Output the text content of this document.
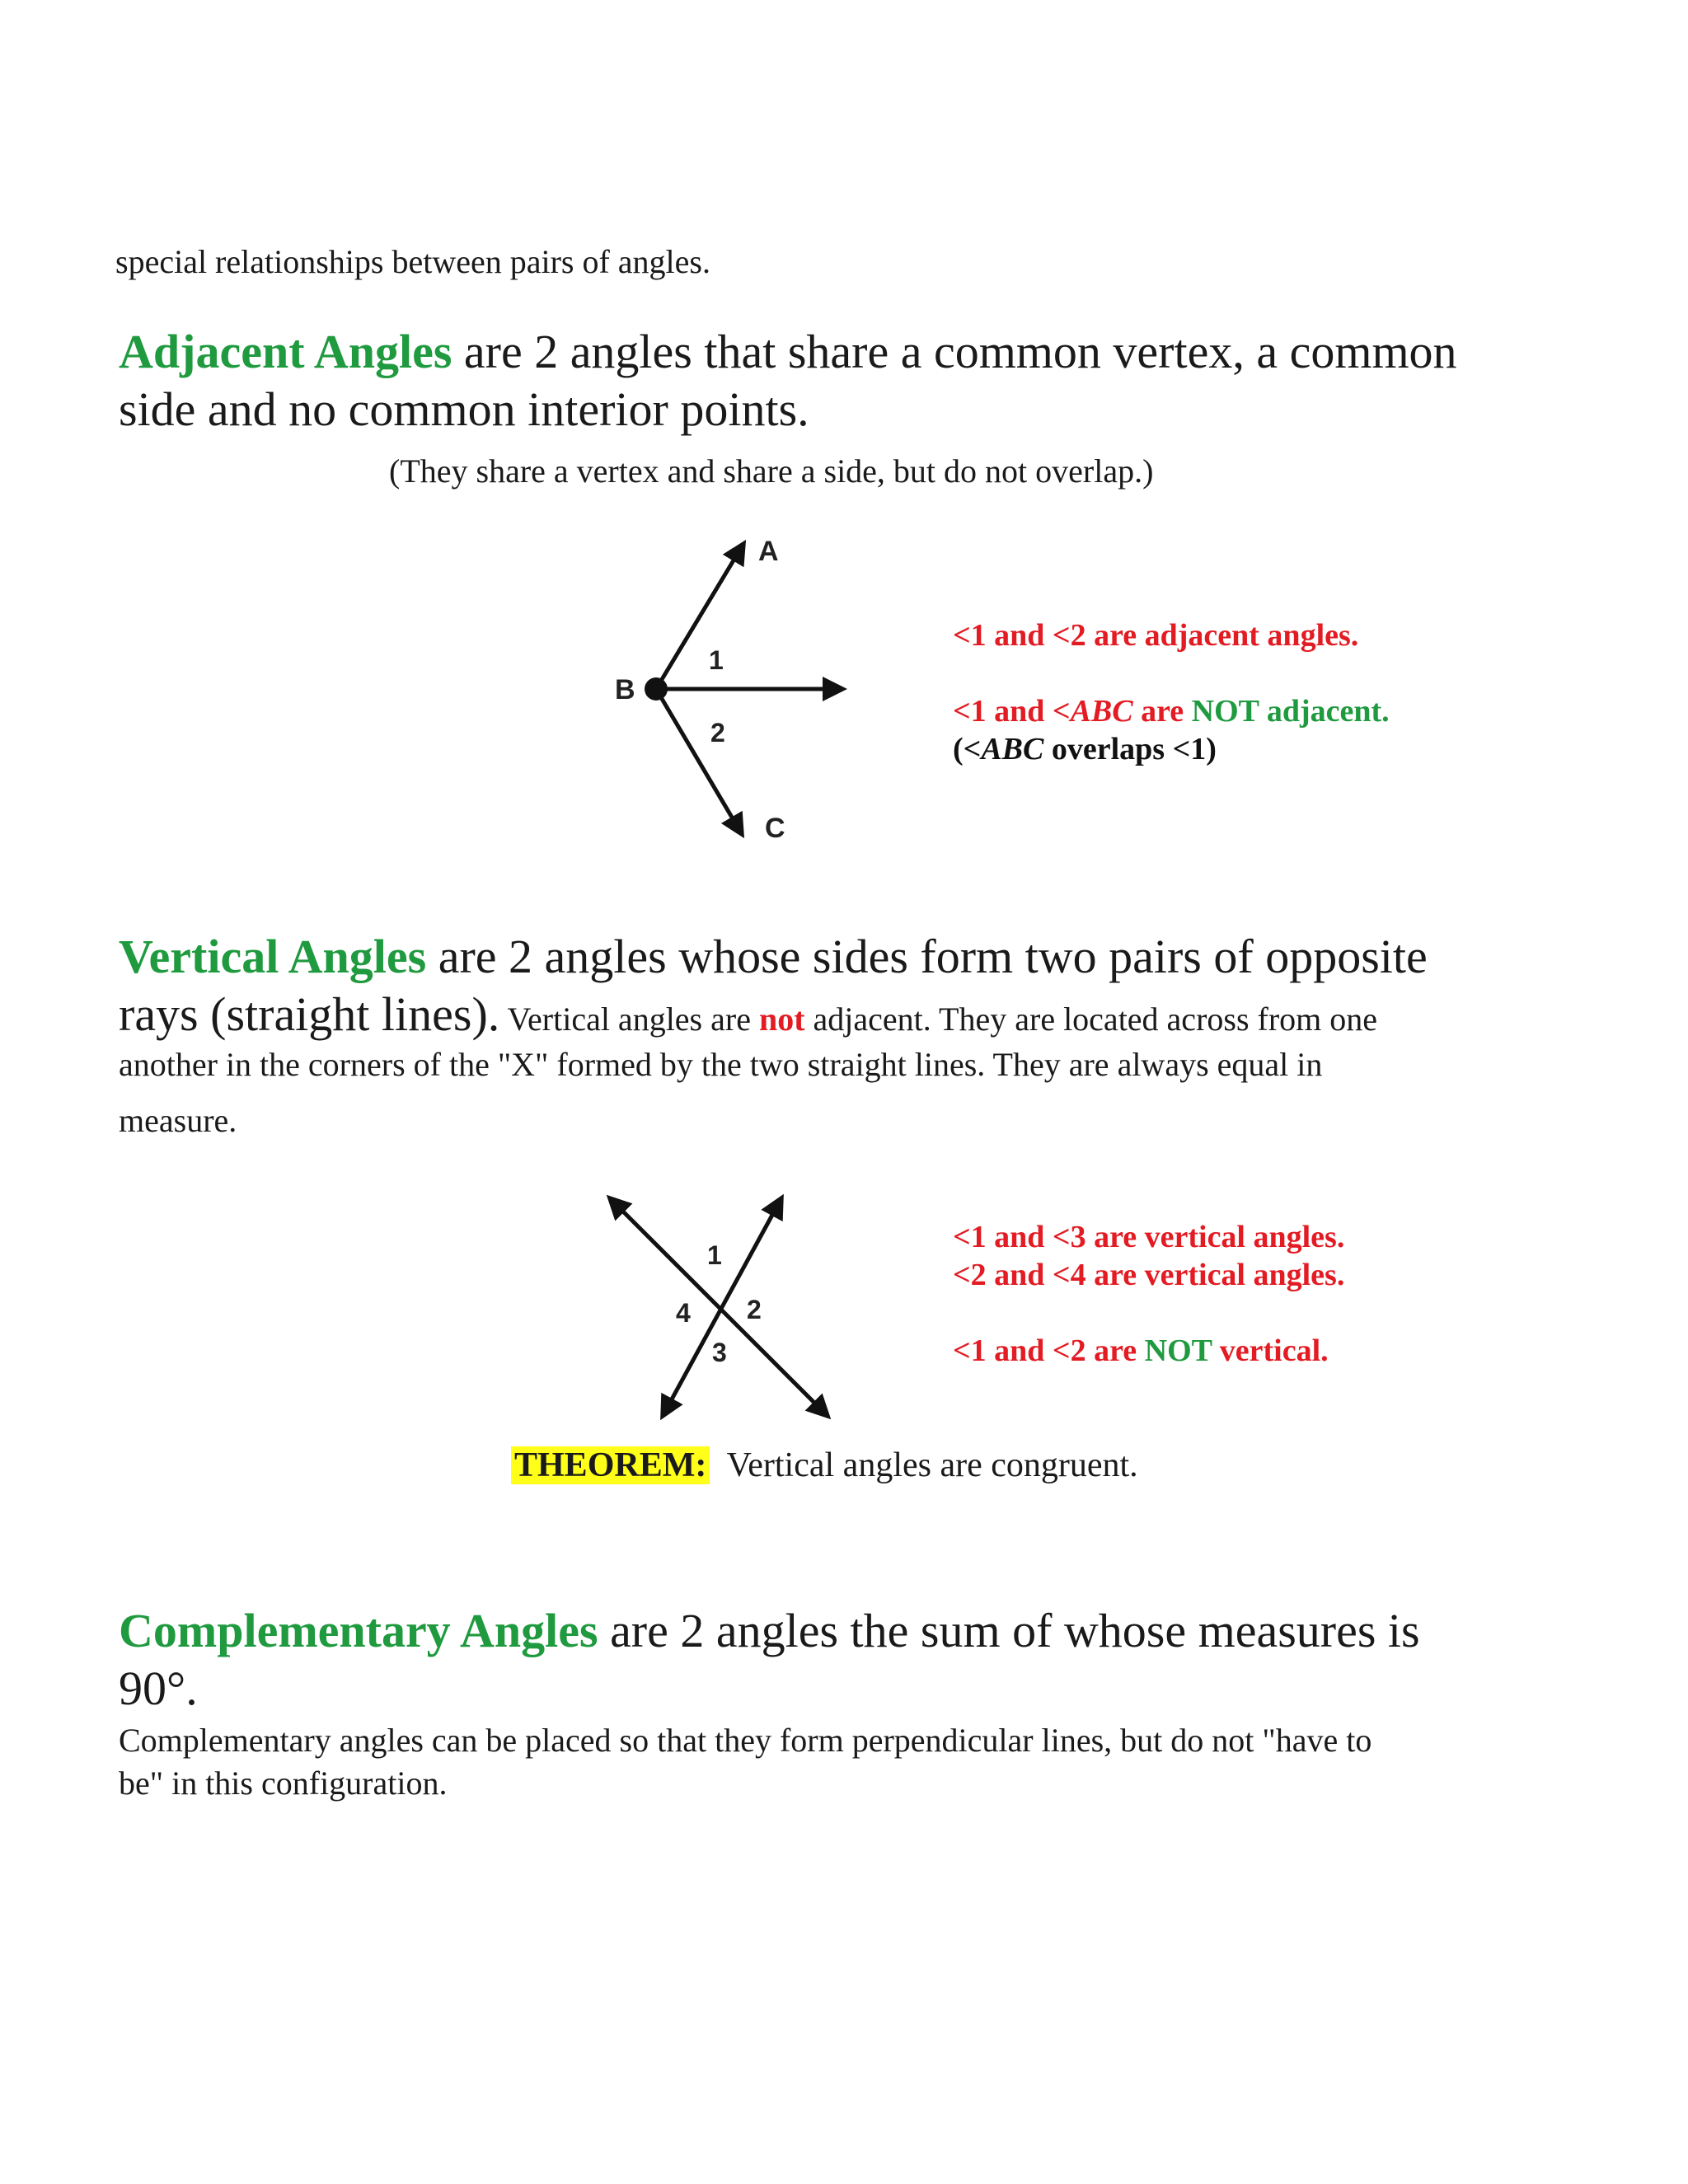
special relationships between pairs of angles.

Adjacent Angles are 2 angles that share a common vertex, a common
side and no common interior points.

(They share a vertex and share a side, but do not overlap.)

A
B
C
1
2
<1 and <2 are adjacent angles.
<1 and <ABC are NOT adjacent.
(<ABC overlaps <1)

Vertical Angles are 2 angles whose sides form two pairs of opposite

rays (straight lines). Vertical angles are not adjacent. They are located across from one

another in the corners of the "X" formed by the two straight lines. They are always equal in

measure.

1
2
3
4
<1 and <3 are vertical angles.
<2 and <4 are vertical angles.
<1 and <2 are NOT vertical.

THEOREM:  Vertical angles are congruent.

Complementary Angles are 2 angles the sum of whose measures is
90°.

Complementary angles can be placed so that they form perpendicular lines, but do not "have to
be" in this configuration.
